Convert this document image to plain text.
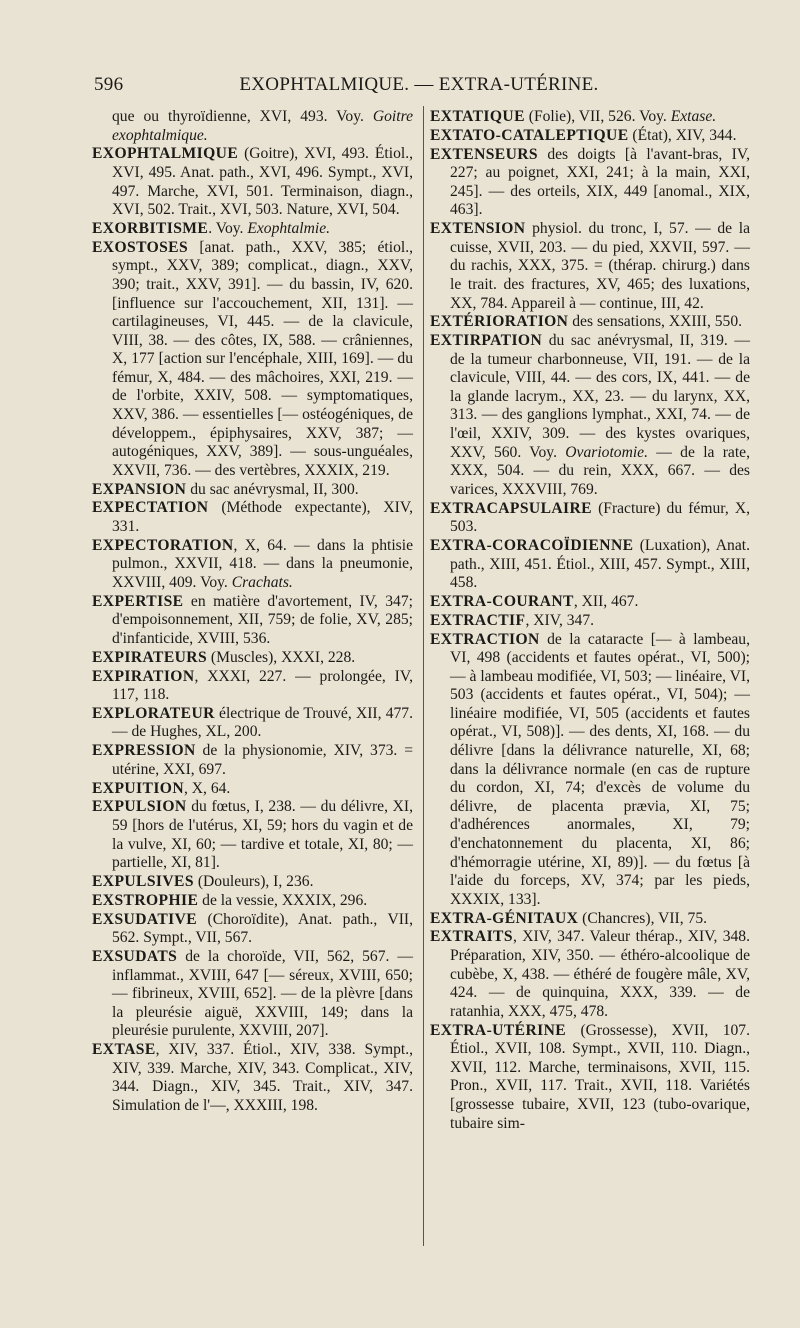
596	EXOPHTALMIQUE. — EXTRA-UTÉRINE.

que ou thyroïdienne, XVI, 493. Voy. Goitre exophtalmique.

EXOPHTALMIQUE (Goitre), XVI, 493. Étiol., XVI, 495. Anat. path., XVI, 496. Sympt., XVI, 497. Marche, XVI, 501. Terminaison, diagn., XVI, 502. Trait., XVI, 503. Nature, XVI, 504.

EXORBITISME. Voy. Exophtalmie.

EXOSTOSES [anat. path., XXV, 385; étiol., sympt., XXV, 389; complicat., diagn., XXV, 390; trait., XXV, 391]. — du bassin, IV, 620. [influence sur l'accouchement, XII, 131]. — cartilagineuses, VI, 445. — de la clavicule, VIII, 38. — des côtes, IX, 588. — crâniennes, X, 177 [action sur l'encéphale, XIII, 169]. — du fémur, X, 484. — des mâchoires, XXI, 219. — de l'orbite, XXIV, 508. — symptomatiques, XXV, 386. — essentielles [— ostéogéniques, de développem., épiphysaires, XXV, 387; — autogéniques, XXV, 389]. — sous-unguéales, XXVII, 736. — des vertèbres, XXXIX, 219.

EXPANSION du sac anévrysmal, II, 300.

EXPECTATION (Méthode expectante), XIV, 331.

EXPECTORATION, X, 64. — dans la phtisie pulmon., XXVII, 418. — dans la pneumonie, XXVIII, 409. Voy. Crachats.

EXPERTISE en matière d'avortement, IV, 347; d'empoisonnement, XII, 759; de folie, XV, 285; d'infanticide, XVIII, 536.

EXPIRATEURS (Muscles), XXXI, 228.

EXPIRATION, XXXI, 227. — prolongée, IV, 117, 118.

EXPLORATEUR électrique de Trouvé, XII, 477. — de Hughes, XL, 200.

EXPRESSION de la physionomie, XIV, 373. = utérine, XXI, 697.

EXPUITION, X, 64.

EXPULSION du fœtus, I, 238. — du délivre, XI, 59 [hors de l'utérus, XI, 59; hors du vagin et de la vulve, XI, 60; — tardive et totale, XI, 80; — partielle, XI, 81].

EXPULSIVES (Douleurs), I, 236.

EXSTROPHIE de la vessie, XXXIX, 296.

EXSUDATIVE (Choroïdite), Anat. path., VII, 562. Sympt., VII, 567.

EXSUDATS de la choroïde, VII, 562, 567. — inflammat., XVIII, 647 [— séreux, XVIII, 650; — fibrineux, XVIII, 652]. — de la plèvre [dans la pleurésie aiguë, XXVIII, 149; dans la pleurésie purulente, XXVIII, 207].

EXTASE, XIV, 337. Étiol., XIV, 338. Sympt., XIV, 339. Marche, XIV, 343. Complicat., XIV, 344. Diagn., XIV, 345. Trait., XIV, 347. Simulation de l'—, XXXIII, 198.

EXTATIQUE (Folie), VII, 526. Voy. Extase.

EXTATO-CATALEPTIQUE (État), XIV, 344.

EXTENSEURS des doigts [à l'avant-bras, IV, 227; au poignet, XXI, 241; à la main, XXI, 245]. — des orteils, XIX, 449 [anomal., XIX, 463].

EXTENSION physiol. du tronc, I, 57. — de la cuisse, XVII, 203. — du pied, XXVII, 597. — du rachis, XXX, 375. = (thérap. chirurg.) dans le trait. des fractures, XV, 465; des luxations, XX, 784. Appareil à — continue, III, 42.

EXTÉRIORATION des sensations, XXIII, 550.

EXTIRPATION du sac anévrysmal, II, 319. — de la tumeur charbonneuse, VII, 191. — de la clavicule, VIII, 44. — des cors, IX, 441. — de la glande lacrym., XX, 23. — du larynx, XX, 313. — des ganglions lymphat., XXI, 74. — de l'œil, XXIV, 309. — des kystes ovariques, XXV, 560. Voy. Ovariotomie. — de la rate, XXX, 504. — du rein, XXX, 667. — des varices, XXXVIII, 769.

EXTRACAPSULAIRE (Fracture) du fémur, X, 503.

EXTRA-CORACOÏDIENNE (Luxation), Anat. path., XIII, 451. Étiol., XIII, 457. Sympt., XIII, 458.

EXTRA-COURANT, XII, 467.

EXTRACTIF, XIV, 347.

EXTRACTION de la cataracte [— à lambeau, VI, 498 (accidents et fautes opérat., VI, 500); — à lambeau modifiée, VI, 503; — linéaire, VI, 503 (accidents et fautes opérat., VI, 504); — linéaire modifiée, VI, 505 (accidents et fautes opérat., VI, 508)]. — des dents, XI, 168. — du délivre [dans la délivrance naturelle, XI, 68; dans la délivrance normale (en cas de rupture du cordon, XI, 74; d'excès de volume du délivre, de placenta prævia, XI, 75; d'adhérences anormales, XI, 79; d'enchatonnement du placenta, XI, 86; d'hémorragie utérine, XI, 89)]. — du fœtus [à l'aide du forceps, XV, 374; par les pieds, XXXIX, 133].

EXTRA-GÉNITAUX (Chancres), VII, 75.

EXTRAITS, XIV, 347. Valeur thérap., XIV, 348. Préparation, XIV, 350. — éthéro-alcoolique de cubèbe, X, 438. — éthéré de fougère mâle, XV, 424. — de quinquina, XXX, 339. — de ratanhia, XXX, 475, 478.

EXTRA-UTÉRINE (Grossesse), XVII, 107. Étiol., XVII, 108. Sympt., XVII, 110. Diagn., XVII, 112. Marche, terminaisons, XVII, 115. Pron., XVII, 117. Trait., XVII, 118. Variétés [grossesse tubaire, XVII, 123 (tubo-ovarique, tubaire sim-
